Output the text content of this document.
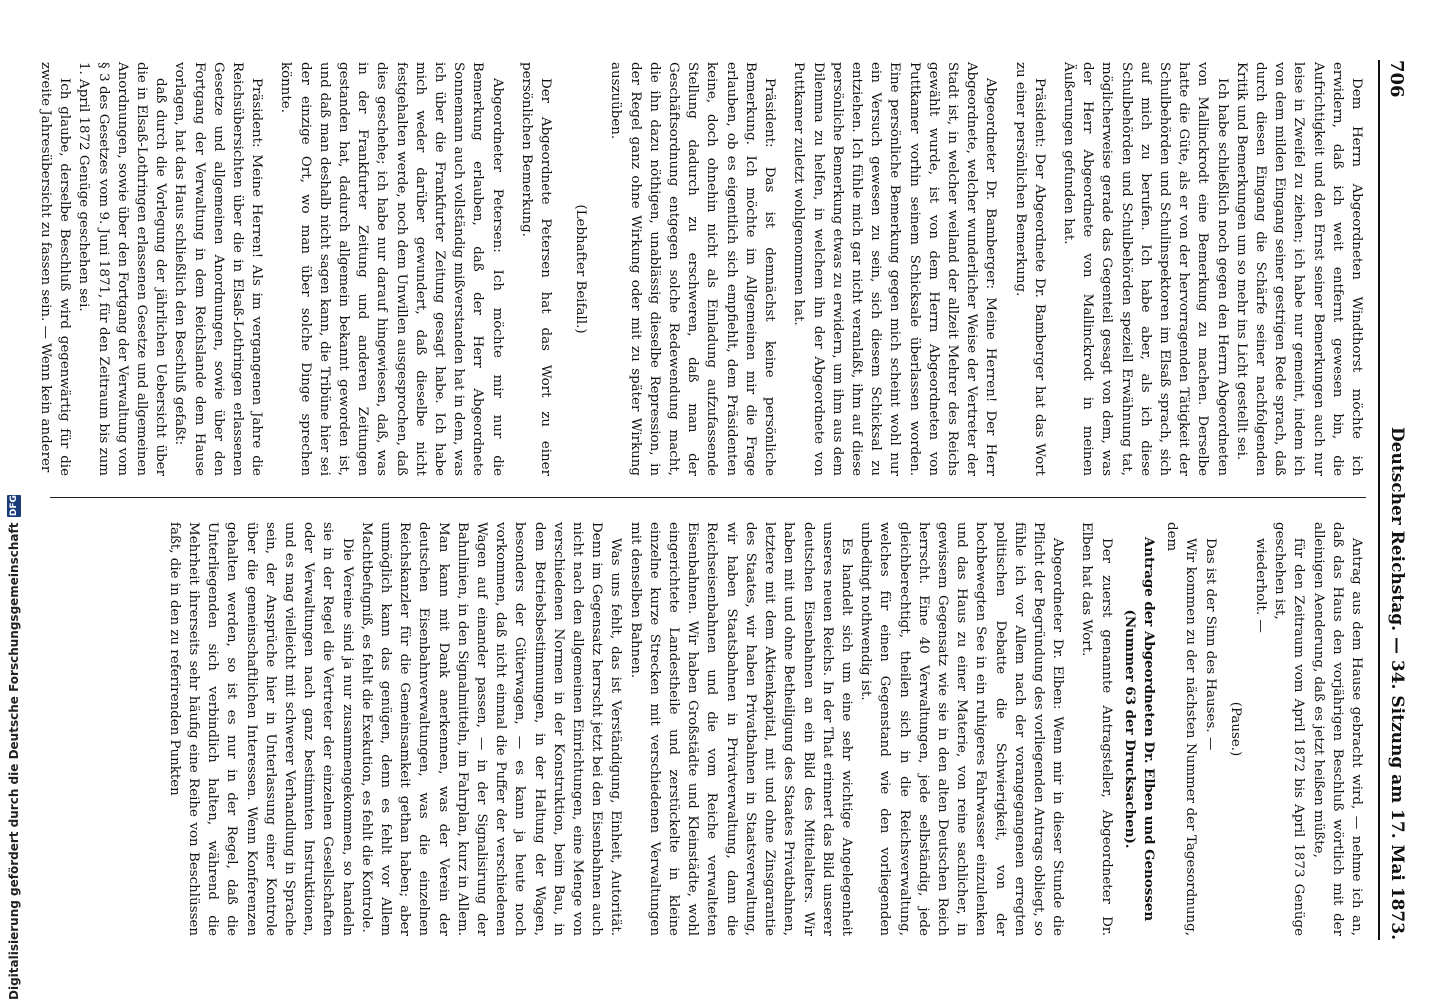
706
Deutscher Reichstag. — 34. Sitzung am 17. Mai 1873.

Dem Herrn Abgeordneten Windthorst möchte ich erwidern, daß ich weit entfernt gewesen bin, die Aufrichtigkeit und den Ernst seiner Bemerkungen auch nur leise in Zweifel zu ziehen; ich habe nur gemeint, indem ich von dem milden Eingang seiner gestrigen Rede sprach, daß durch diesen Eingang die Schärfe seiner nachfolgenden Kritik und Bemerkungen um so mehr ins Licht gestellt sei.

Ich habe schließlich noch gegen den Herrn Abgeordneten von Mallinckrodt eine Bemerkung zu machen. Derselbe hatte die Güte, als er von der hervorragenden Tätigkeit der Schulbehörden und Schulinspektoren im Elsaß sprach, sich auf mich zu berufen. Ich habe aber, als ich diese Schulbehörden und Schulbehörden speziell Erwähnung tat, möglicherweise gerade das Gegenteil gesagt von dem, was der Herr Abgeordnete von Mallinckrodt in meinen Äußerungen gefunden hat.

Präsident: Der Abgeordnete Dr. Bamberger hat das Wort zu einer persönlichen Bemerkung.

Abgeordneter Dr. Bamberger: Meine Herren! Der Herr Abgeordnete, welcher wunderlicher Weise der Vertreter der Stadt ist, in welcher weiland der allzeit Mehrer des Reichs gewählt wurde, ist von dem Herrn Abgeordneten von Puttkamer vorhin seinem Schicksale überlassen worden. Eine persönliche Bemerkung gegen mich scheint wohl nur ein Versuch gewesen zu sein, sich diesem Schicksal zu entziehen. Ich fühle mich gar nicht veranlaßt, ihm auf diese persönliche Bemerkung etwas zu erwidern, um ihm aus dem Dilemma zu helfen, in welchem ihn der Abgeordnete von Puttkamer zuletzt wohlgenommen hat.

Präsident: Das ist demnächst keine persönliche Bemerkung. Ich möchte im Allgemeinen mir die Frage erlauben, ob es eigentlich sich empfiehlt, dem Präsidenten keine, doch ohnehin nicht als Einladung aufzufassende Stellung dadurch zu erschweren, daß man der Geschäftsordnung entgegen solche Redewendung macht, die ihn dazu nöthigen, unablässig dieselbe Repression, in der Regel ganz ohne Wirkung oder mit zu später Wirkung auszuüben.

(Lebhafter Beifall.)

Der Abgeordnete Petersen hat das Wort zu einer persönlichen Bemerkung.

Abgeordneter Petersen: Ich möchte mir nur die Bemerkung erlauben, daß der Herr Abgeordnete Sonnemann auch vollständig mißverstanden hat in dem, was ich über die Frankfurter Zeitung gesagt habe. Ich habe mich weder darüber gewundert, daß dieselbe nicht festgehalten werde, noch dem Unwillen ausgesprochen, daß dies geschehe; ich habe nur darauf hingewiesen, daß, was in der Frankfurter Zeitung und anderen Zeitungen gestanden hat, dadurch allgemein bekannt geworden ist, und daß man deshalb nicht sagen kann, die Tribüne hier sei der einzige Ort, wo man über solche Dinge sprechen könnte.

Präsident: Meine Herren! Als im vergangenen Jahre die Reichsübersichten über die in Elsaß-Lothringen erlassenen Gesetze und allgemeinen Anordnungen, sowie über den Fortgang der Verwaltung in dem Reichslande dem Hause vorlagen, hat das Haus schließlich den Beschluß gefaßt:

daß durch die Vorlegung der jährlichen Uebersicht über die in Elsaß-Lothringen erlassenen Gesetze und allgemeinen Anordnungen, sowie über den Fortgang der Verwaltung vom § 3 des Gesetzes vom 9. Juni 1871, für den Zeitraum bis zum 1. April 1872 Genüge geschehen sei.

Ich glaube, derselbe Beschluß wird gegenwärtig für die zweite Jahresübersicht zu fassen sein. — Wenn kein anderer

Antrag aus dem Hause gebracht wird, — nehme ich an, daß das Haus den vorjährigen Beschluß wörtlich mit der alleinigen Aenderung, daß es jetzt heißen müßte,

für den Zeitraum vom April 1872 bis April 1873 Genüge geschehen ist,

wiederholt. —

(Pause.)

Das ist der Sinn des Hauses. —

Wir kommen zu der nächsten Nummer der Tagesordnung, dem

Antrage der Abgeordneten Dr. Elben und Genossen (Nummer 63 der Drucksachen).

Der zuerst genannte Antragsteller, Abgeordneter Dr. Elben hat das Wort.

Abgeordneter Dr. Elben: Wenn mir in dieser Stunde die Pflicht der Begründung des vorliegenden Antrags obliegt, so fühle ich vor Allem nach der vorangegangenen erregten politischen Debatte die Schwierigkeit, von der hochbewegten See in ein ruhigeres Fahrwasser einzulenken und das Haus zu einer Materie, von reine sachlicher, in gewissem Gegensatz wie sie in den alten Deutschen Reich herrscht. Eine 40 Verwaltungen, jede selbständig, jede gleichberechtigt, theilen sich in die Reichsverwaltung, welches für einen Gegenstand wie den vorliegenden unbedingt nothwendig ist.

Es handelt sich um eine sehr wichtige Angelegenheit unseres neuen Reichs. In der That erinnert das Bild unserer deutschen Eisenbahnen an ein Bild des Mittelalters. Wir haben mit und ohne Betheiligung des Staates Privatbahnen, letztere mit dem Aktienkapital, mit und ohne Zinsgarantie des Staates, wir haben Privatbahnen in Staatsverwaltung, wir haben Staatsbahnen in Privatverwaltung, dann die Reichseisenbahnen und die vom Reiche verwalteten Eisenbahnen. Wir haben Großstädte und Kleinstädte, wohl eingerichtete Landestheile und zerstückelte in kleine einzelne kurze Strecken mit verschiedenen Verwaltungen mit denselben Bahnen.

Was uns fehlt, das ist Verständigung, Einheit, Autorität. Denn im Gegensatz herrscht jetzt bei den Eisenbahnen auch nicht nach den allgemeinen Einrichtungen, eine Menge von verschiedenen Normen in der Konstruktion, beim Bau, in dem Betriebsbestimmungen, in der Haltung der Wagen, besonders der Güterwagen, — es kann ja heute noch vorkommen, daß nicht einmal die Puffer der verschiedenen Wagen auf einander passen, — in der Signalisirung der Bahnlinien, in den Signalmitteln, im Fahrplan, kurz in Allem. Man kann mit Dank anerkennen, was der Verein der deutschen Eisenbahnverwaltungen, was die einzelnen Reichskanzler für die Gemeinsamkeit gethan haben; aber unmöglich kann das genügen, denn es fehlt vor Allem Machtbefugniß, es fehlt die Exekution, es fehlt die Kontrole.

Die Vereine sind ja nur zusammengekommen, so handeln sie in der Regel die Vertreter der einzelnen Gesellschaften oder Verwaltungen nach ganz bestimmten Instruktionen, und es mag vielleicht mit schwerer Verhandlung in Sprache sein, der Ansprüche hier in Unterlassung einer Kontrole über die gemeinschaftlichen Interessen. Wenn Konferenzen gehalten werden, so ist es nur in der Regel, daß die Unterliegenden sich verbindlich halten, während die Mehrheit ihrerseits sehr häufig eine Reihe von Beschlüssen faßt, die in den zu referirenden Punkten

Digitalisierung gefördert durch die Deutsche Forschungsgemeinschaft
DFG
